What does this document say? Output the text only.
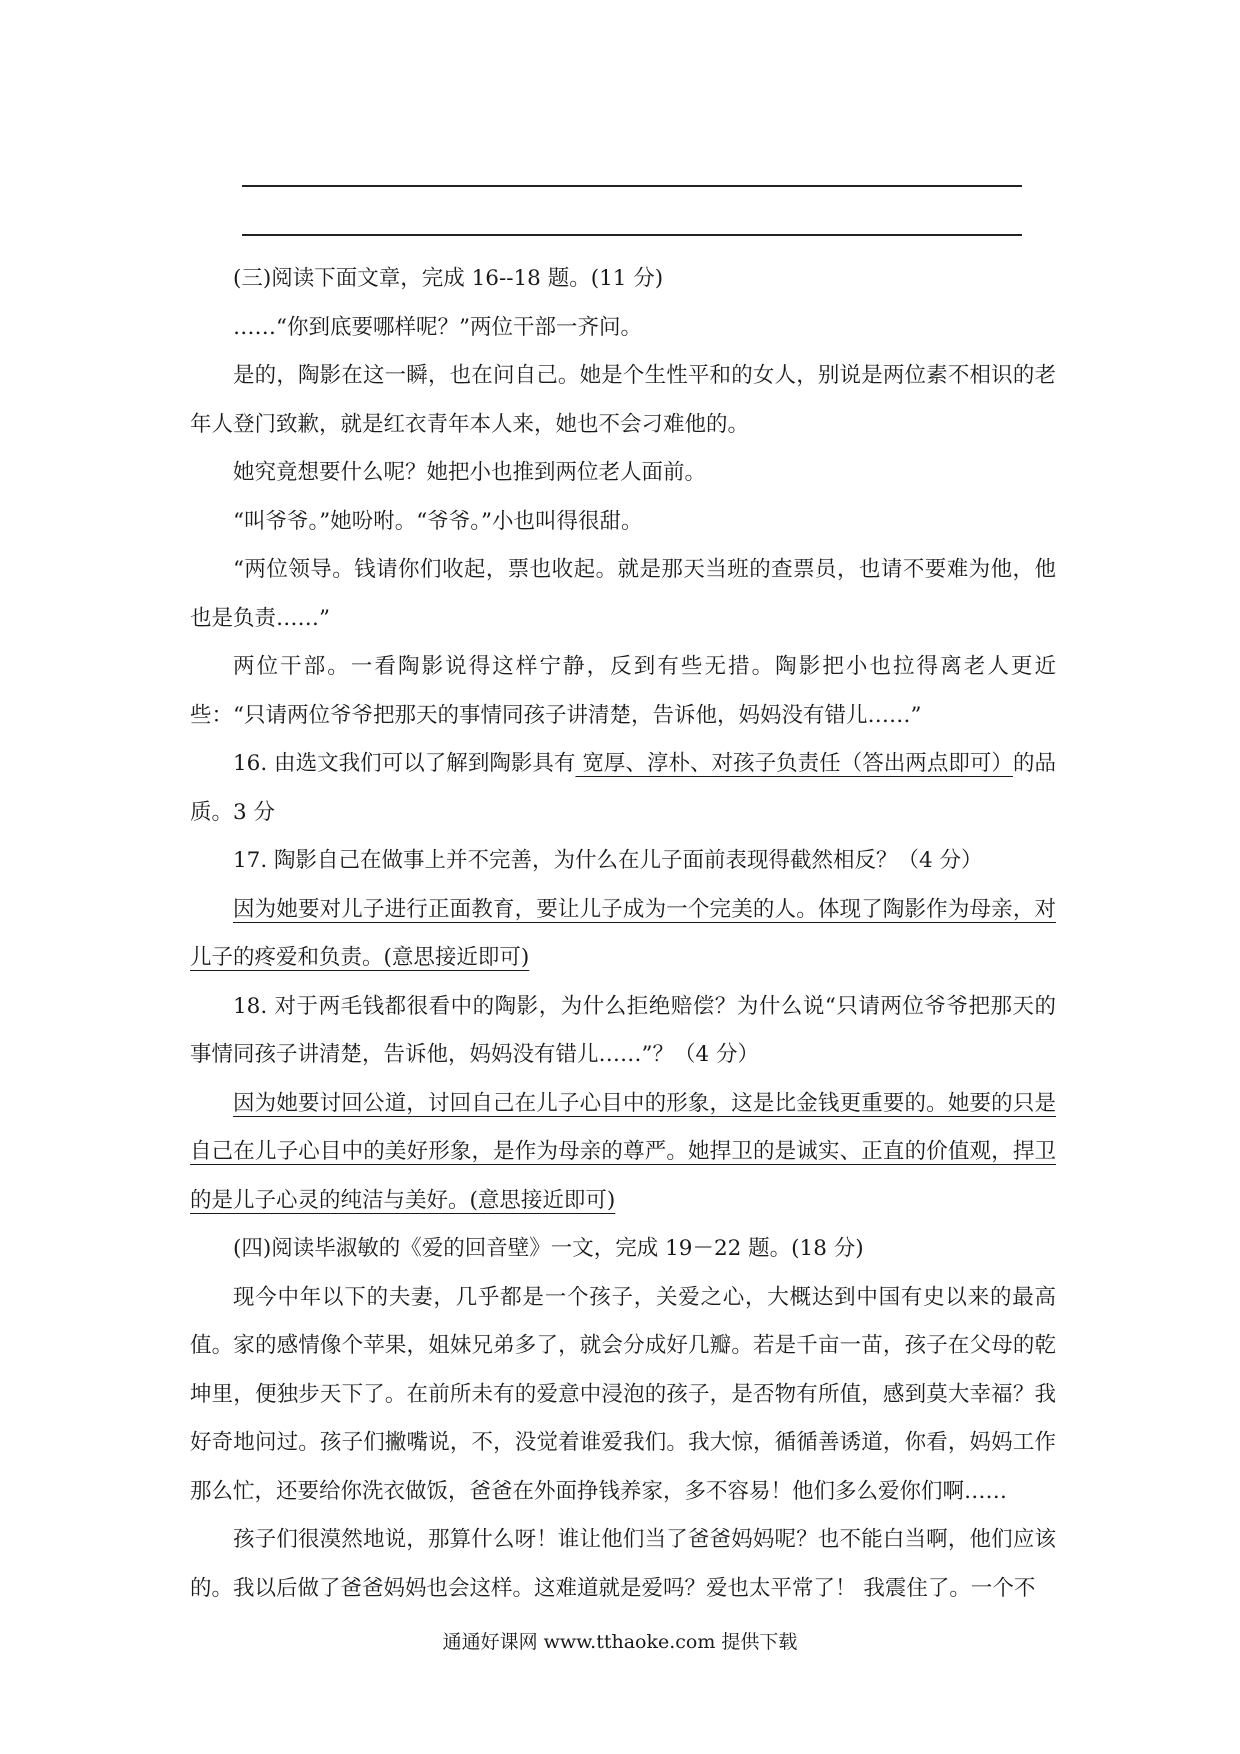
(三)阅读下面文章，完成 16--18 题。(11 分)

……“你到底要哪样呢？”两位干部一齐问。

是的，陶影在这一瞬，也在问自己。她是个生性平和的女人，别说是两位素不相识的老年人登门致歉，就是红衣青年本人来，她也不会刁难他的。

她究竟想要什么呢？她把小也推到两位老人面前。

“叫爷爷。”她吩咐。“爷爷。”小也叫得很甜。

“两位领导。钱请你们收起，票也收起。就是那天当班的查票员，也请不要难为他，他也是负责……”

两位干部。一看陶影说得这样宁静，反到有些无措。陶影把小也拉得离老人更近些：“只请两位爷爷把那天的事情同孩子讲清楚，告诉他，妈妈没有错儿……”

16. 由选文我们可以了解到陶影具有 宽厚、淳朴、对孩子负责任（答出两点即可）的品质。3 分

17. 陶影自己在做事上并不完善，为什么在儿子面前表现得截然相反？（4 分）

因为她要对儿子进行正面教育，要让儿子成为一个完美的人。体现了陶影作为母亲，对儿子的疼爱和负责。(意思接近即可)

18. 对于两毛钱都很看中的陶影，为什么拒绝赔偿？为什么说“只请两位爷爷把那天的事情同孩子讲清楚，告诉他，妈妈没有错儿……”？（4 分）

因为她要讨回公道，讨回自己在儿子心目中的形象，这是比金钱更重要的。她要的只是自己在儿子心目中的美好形象，是作为母亲的尊严。她捍卫的是诚实、正直的价值观，捍卫的是儿子心灵的纯洁与美好。(意思接近即可)

(四)阅读毕淑敏的《爱的回音壁》一文，完成 19－22 题。(18 分)

现今中年以下的夫妻，几乎都是一个孩子，关爱之心，大概达到中国有史以来的最高值。家的感情像个苹果，姐妹兄弟多了，就会分成好几瓣。若是千亩一苗，孩子在父母的乾坤里，便独步天下了。在前所未有的爱意中浸泡的孩子，是否物有所值，感到莫大幸福？我好奇地问过。孩子们撇嘴说，不，没觉着谁爱我们。我大惊，循循善诱道，你看，妈妈工作那么忙，还要给你洗衣做饭，爸爸在外面挣钱养家，多不容易！他们多么爱你们啊……

孩子们很漠然地说，那算什么呀！谁让他们当了爸爸妈妈呢？也不能白当啊，他们应该的。我以后做了爸爸妈妈也会这样。这难道就是爱吗？爱也太平常了！ 我震住了。一个不

通通好课网 www.tthaoke.com 提供下载
